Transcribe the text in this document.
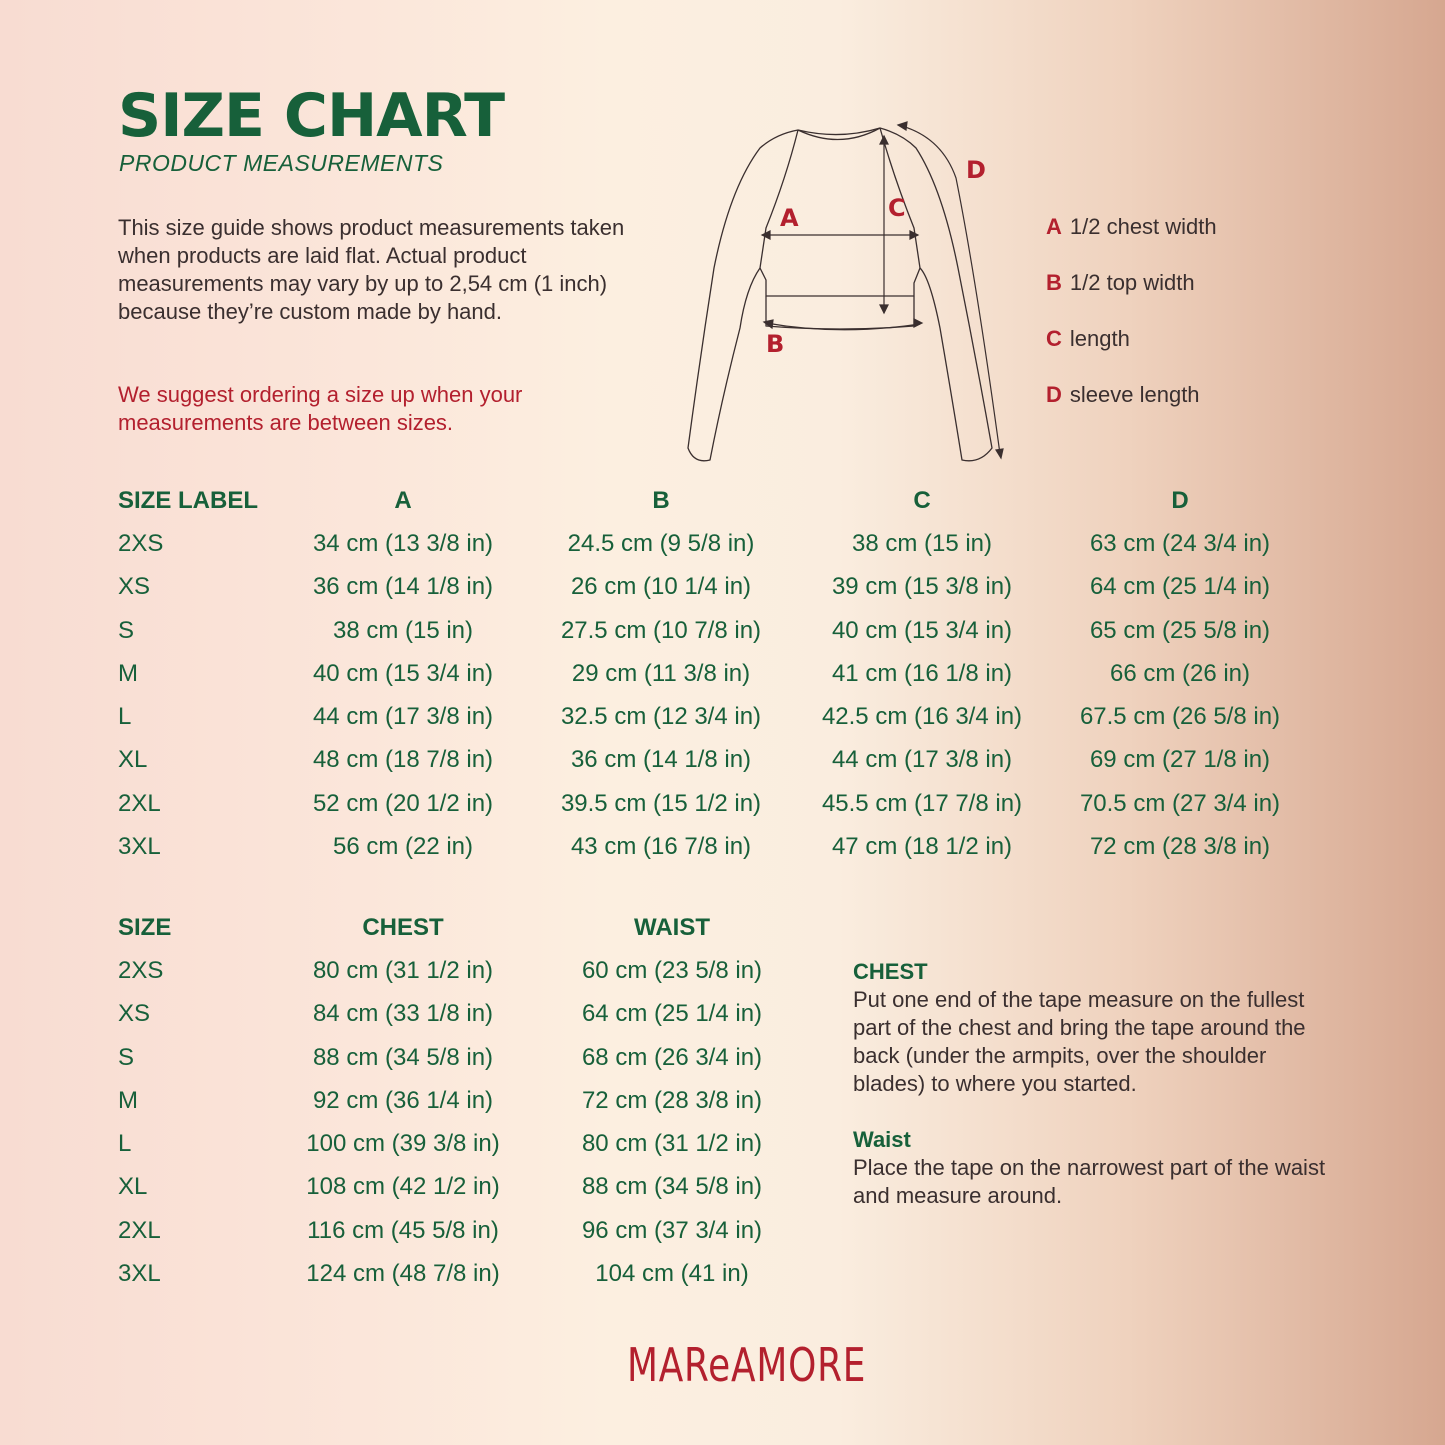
SIZE CHART
PRODUCT MEASUREMENTS

This size guide shows product measurements taken when products are laid flat. Actual product measurements may vary by up to 2,54 cm (1 inch) because they’re custom made by hand.

We suggest ordering a size up when your measurements are between sizes.

A	C
B
D
A 1/2 chest width
B 1/2 top width
C length
D sleeve length
SIZE LABEL	A	B	C	D
2XS	34 cm (13 3/8 in)	24.5 cm (9 5/8 in)	38 cm (15 in)	63 cm (24 3/4 in)
XS	36 cm (14 1/8 in)	26 cm (10 1/4 in)	39 cm (15 3/8 in)	64 cm (25 1/4 in)
S	38 cm (15 in)	27.5 cm (10 7/8 in)	40 cm (15 3/4 in)	65 cm (25 5/8 in)
M	40 cm (15 3/4 in)	29 cm (11 3/8 in)	41 cm (16 1/8 in)	66 cm (26 in)
L	44 cm (17 3/8 in)	32.5 cm (12 3/4 in)	42.5 cm (16 3/4 in)	67.5 cm (26 5/8 in)
XL	48 cm (18 7/8 in)	36 cm (14 1/8 in)	44 cm (17 3/8 in)	69 cm (27 1/8 in)
2XL	52 cm (20 1/2 in)	39.5 cm (15 1/2 in)	45.5 cm (17 7/8 in)	70.5 cm (27 3/4 in)
3XL	56 cm (22 in)	43 cm (16 7/8 in)	47 cm (18 1/2 in)	72 cm (28 3/8 in)
SIZE	CHEST	WAIST
2XS	80 cm (31 1/2 in)	60 cm (23 5/8 in)
XS	84 cm (33 1/8 in)	64 cm (25 1/4 in)
S	88 cm (34 5/8 in)	68 cm (26 3/4 in)
M	92 cm (36 1/4 in)	72 cm (28 3/8 in)
L	100 cm (39 3/8 in)	80 cm (31 1/2 in)
XL	108 cm (42 1/2 in)	88 cm (34 5/8 in)
2XL	116 cm (45 5/8 in)	96 cm (37 3/4 in)
3XL	124 cm (48 7/8 in)	104 cm (41 in)
CHEST

Put one end of the tape measure on the fullest part of the chest and bring the tape around the back (under the armpits, over the shoulder blades) to where you started.

Waist

Place the tape on the narrowest part of the waist and measure around.

MAReAMORE
